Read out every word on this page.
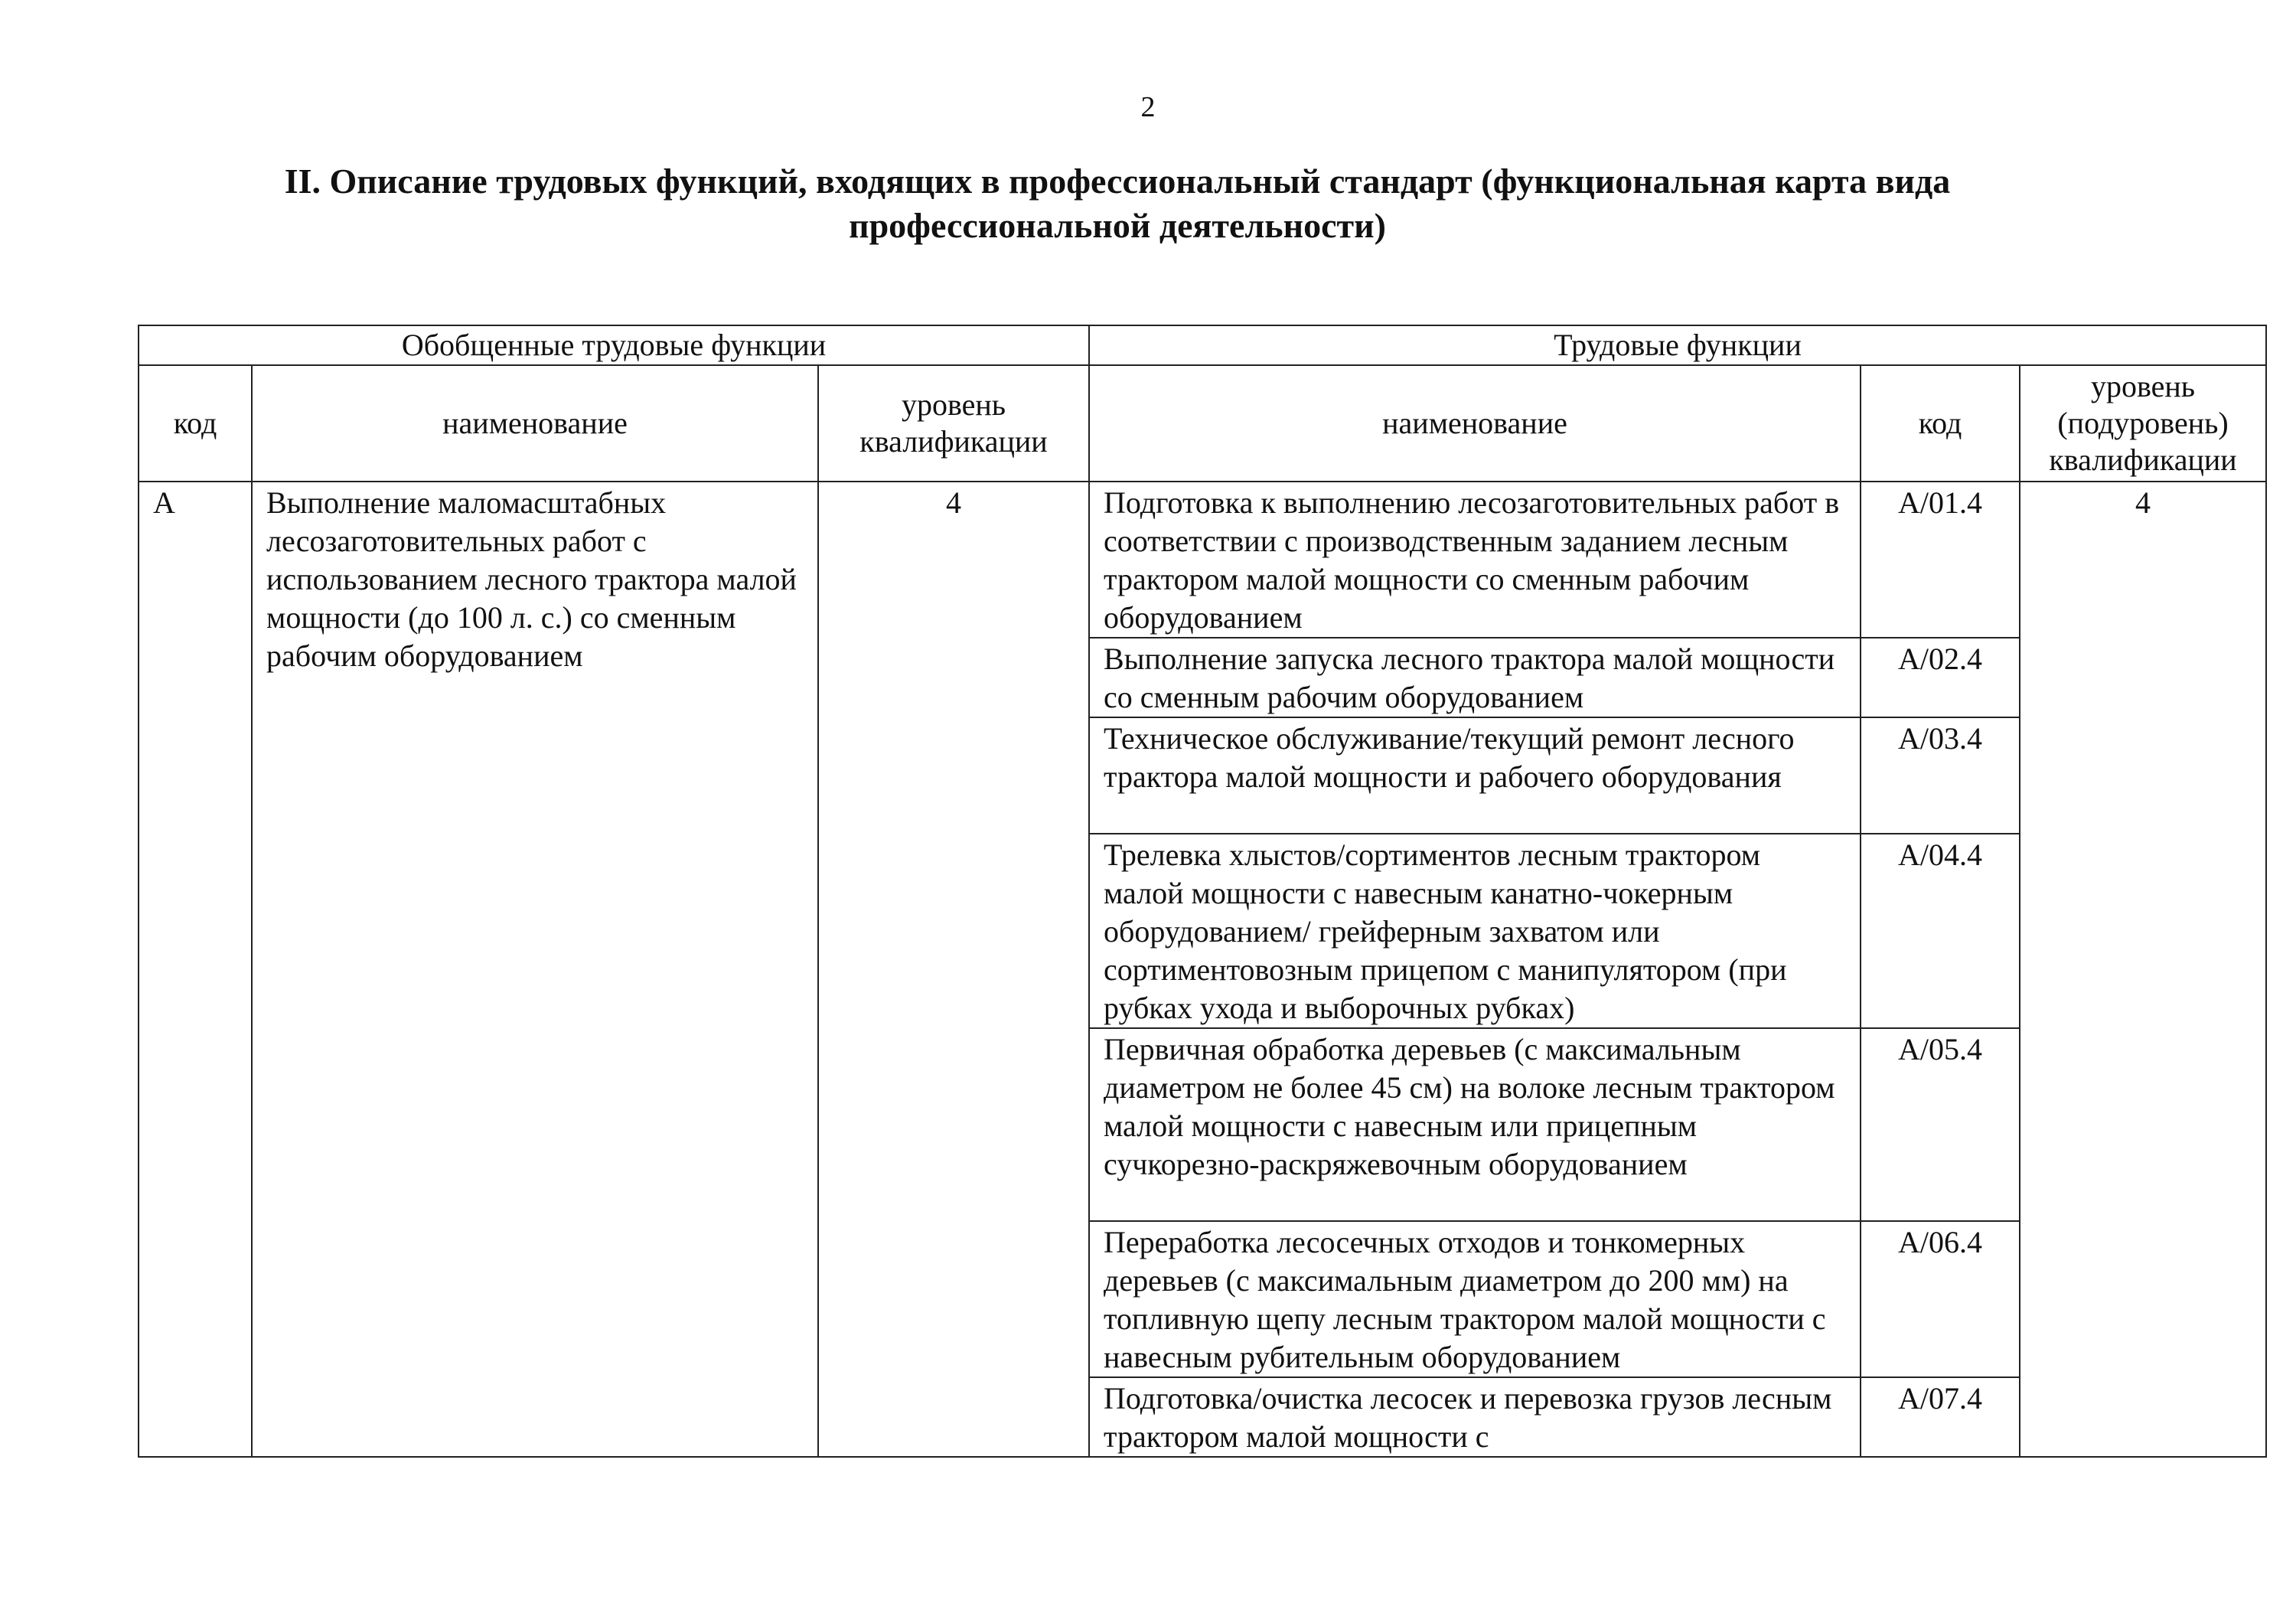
2
II. Описание трудовых функций, входящих в профессиональный стандарт (функциональная карта вида
профессиональной деятельности)
Обобщенные трудовые функции			Трудовые функции		
код	наименование	уровень квалификации	наименование	код	уровень (подуровень) квалификации
А	Выполнение маломасштабных лесозаготовительных работ с использованием лесного трактора малой мощности (до 100 л. с.) со сменным рабочим оборудованием	4	Подготовка к выполнению лесозаготовительных работ в соответствии с производственным заданием лесным трактором малой мощности со сменным рабочим оборудованием	А/01.4	4
			Выполнение запуска лесного трактора малой мощности со сменным рабочим оборудованием	А/02.4	
			Техническое обслуживание/текущий ремонт лесного трактора малой мощности и рабочего оборудования	А/03.4	
			Трелевка хлыстов/сортиментов лесным трактором малой мощности с навесным канатно-чокерным оборудованием/ грейферным захватом или сортиментовозным прицепом с манипулятором (при рубках ухода и выборочных рубках)	А/04.4	
			Первичная обработка деревьев (с максимальным диаметром не более 45 см) на волоке лесным трактором малой мощности с навесным или прицепным сучкорезно-раскряжевочным оборудованием	А/05.4	
			Переработка лесосечных отходов и тонкомерных деревьев (с максимальным диаметром до 200 мм) на топливную щепу лесным трактором малой мощности с навесным рубительным оборудованием	А/06.4	
			Подготовка/очистка лесосек и перевозка грузов лесным трактором малой мощности с	А/07.4	
